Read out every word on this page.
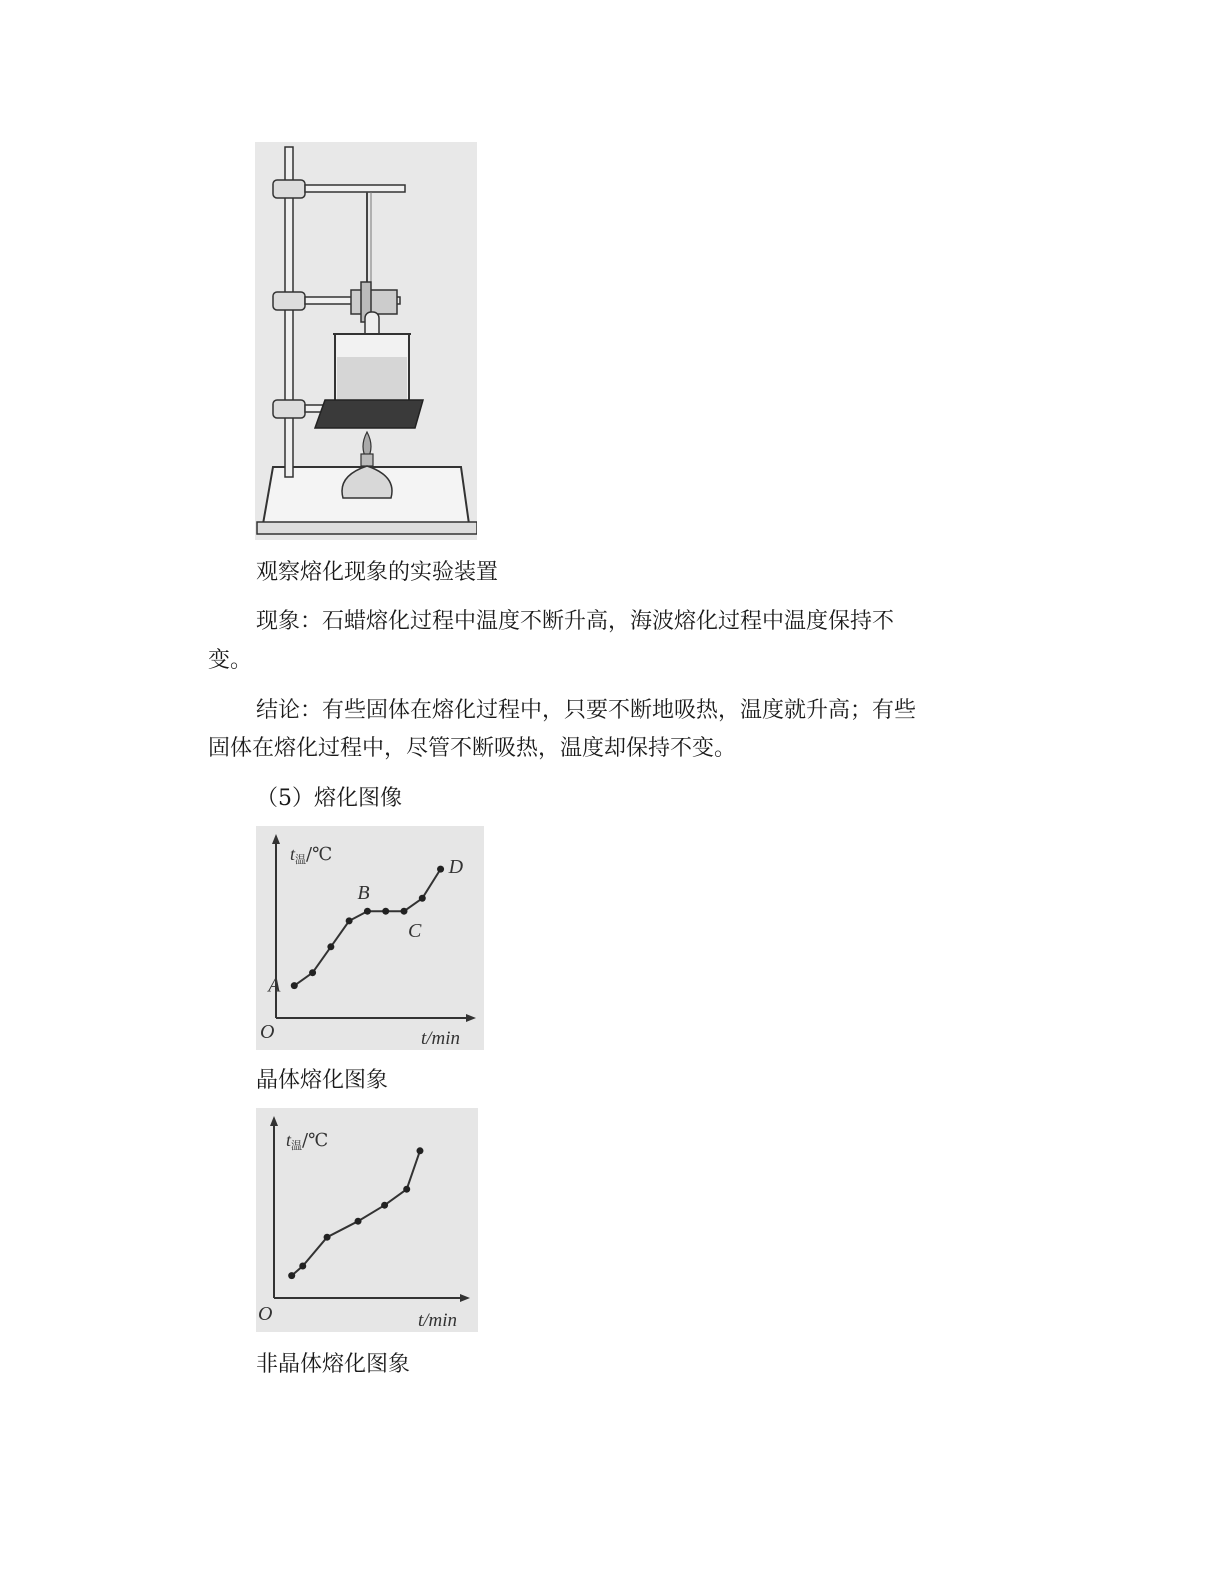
观察熔化现象的实验装置

现象：石蜡熔化过程中温度不断升高，海波熔化过程中温度保持不

变。

结论：有些固体在熔化过程中，只要不断地吸热，温度就升高；有些

固体在熔化过程中，尽管不断吸热，温度却保持不变。

（5）熔化图像

O
t温/℃
t/min
A
B
C
D

晶体熔化图象

O
t温/℃
t/min

非晶体熔化图象
